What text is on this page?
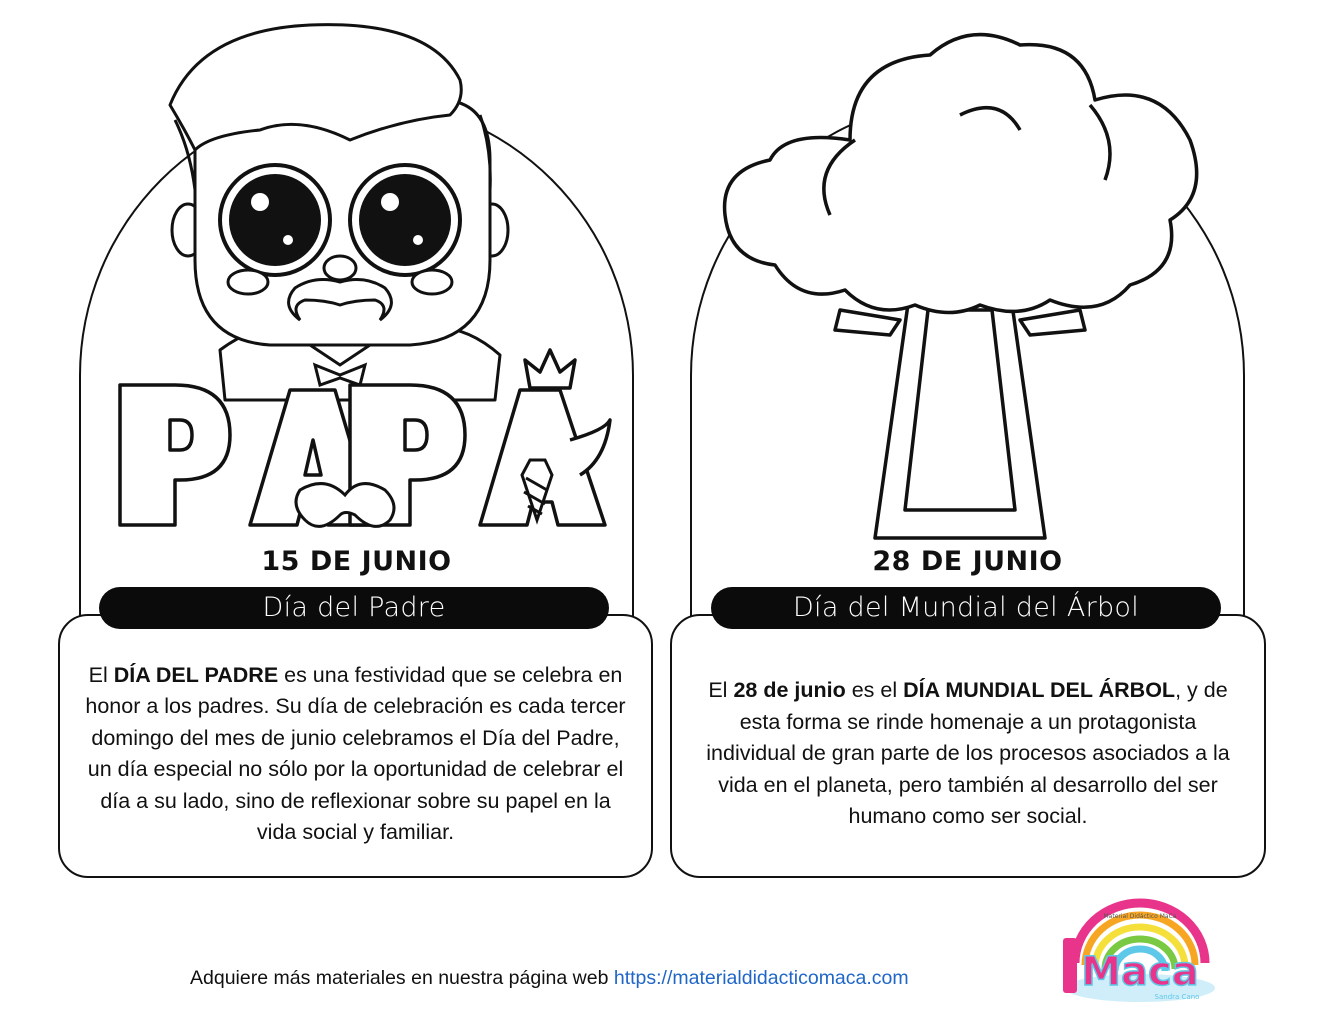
15 DE JUNIO	28 DE JUNIO
Día del Padre	Día del Mundial del Árbol

El DÍA DEL PADRE es una festividad que se celebra en honor a los padres. Su día de celebración es cada tercer domingo del mes de junio celebramos el Día del Padre, un día especial no sólo por la oportunidad de celebrar el día a su lado, sino de reflexionar sobre su papel en la vida social y familiar.

El 28 de junio es el DÍA MUNDIAL DEL ÁRBOL, y de esta forma se rinde homenaje a un protagonista individual de gran parte de los procesos asociados a la vida en el planeta, pero también al desarrollo del ser humano como ser social.

Adquiere más materiales en nuestra página web https://materialdidacticomaca.com	Maca
Material Didáctico MaCa
Sandra Cano
